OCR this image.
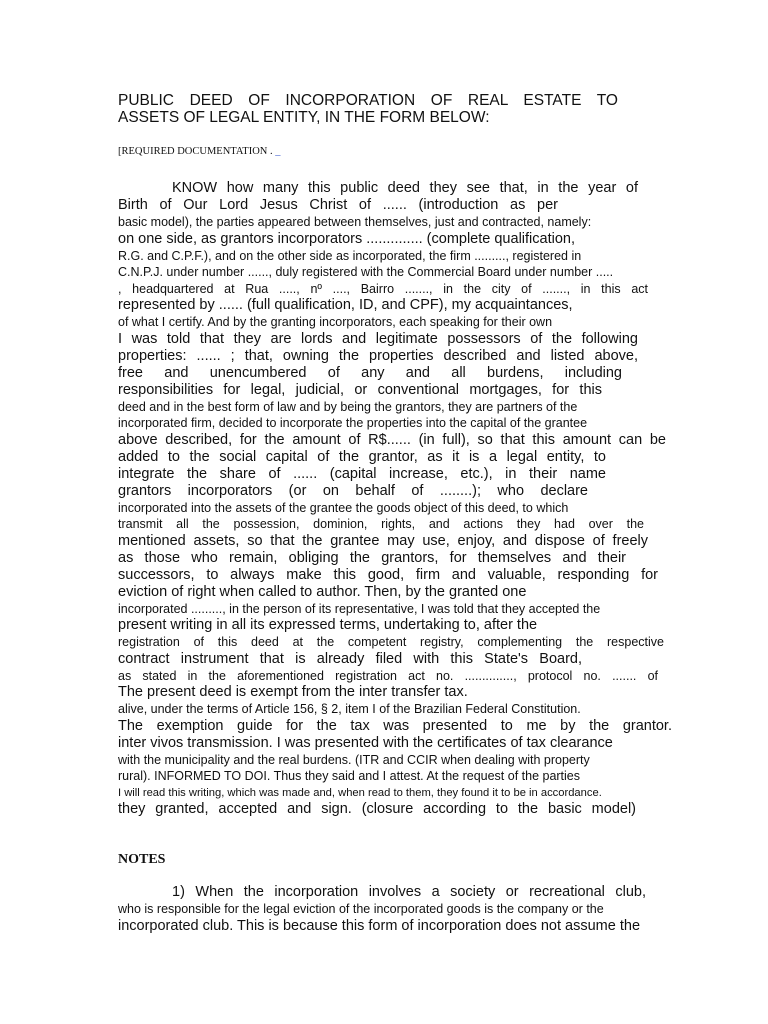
PUBLIC DEED OF INCORPORATION OF REAL ESTATE TO
ASSETS OF LEGAL ENTITY, IN THE FORM BELOW:

[REQUIRED DOCUMENTATION . _

KNOW how many this public deed they see that, in the year of
Birth of Our Lord Jesus Christ of ...... (introduction as per
basic model), the parties appeared between themselves, just and contracted, namely:
on one side, as grantors incorporators .............. (complete qualification,
R.G. and C.P.F.), and on the other side as incorporated, the firm ........., registered in
C.N.P.J. under number ......, duly registered with the Commercial Board under number .....
, headquartered at Rua ....., nº ...., Bairro ......., in the city of ......., in this act
represented by ...... (full qualification, ID, and CPF), my acquaintances,
of what I certify. And by the granting incorporators, each speaking for their own
I was told that they are lords and legitimate possessors of the following
properties: ...... ; that, owning the properties described and listed above,
free and unencumbered of any and all burdens, including
responsibilities for legal, judicial, or conventional mortgages, for this
deed and in the best form of law and by being the grantors, they are partners of the
incorporated firm, decided to incorporate the properties into the capital of the grantee
above described, for the amount of R$...... (in full), so that this amount can be
added to the social capital of the grantor, as it is a legal entity, to
integrate the share of ...... (capital increase, etc.), in their name
grantors incorporators (or on behalf of ........); who declare
incorporated into the assets of the grantee the goods object of this deed, to which
transmit all the possession, dominion, rights, and actions they had over the
mentioned assets, so that the grantee may use, enjoy, and dispose of freely
as those who remain, obliging the grantors, for themselves and their
successors, to always make this good, firm and valuable, responding for
eviction of right when called to author. Then, by the granted one
incorporated ........., in the person of its representative, I was told that they accepted the
present writing in all its expressed terms, undertaking to, after the
registration of this deed at the competent registry, complementing the respective
contract instrument that is already filed with this State's Board,
as stated in the aforementioned registration act no. .............., protocol no. ....... of
The present deed is exempt from the inter transfer tax.
alive, under the terms of Article 156, § 2, item I of the Brazilian Federal Constitution.
The exemption guide for the tax was presented to me by the grantor.
inter vivos transmission. I was presented with the certificates of tax clearance
with the municipality and the real burdens. (ITR and CCIR when dealing with property
rural). INFORMED TO DOI. Thus they said and I attest. At the request of the parties
I will read this writing, which was made and, when read to them, they found it to be in accordance.
they granted, accepted and sign. (closure according to the basic model)
NOTES
1) When the incorporation involves a society or recreational club,
who is responsible for the legal eviction of the incorporated goods is the company or the
incorporated club. This is because this form of incorporation does not assume the
